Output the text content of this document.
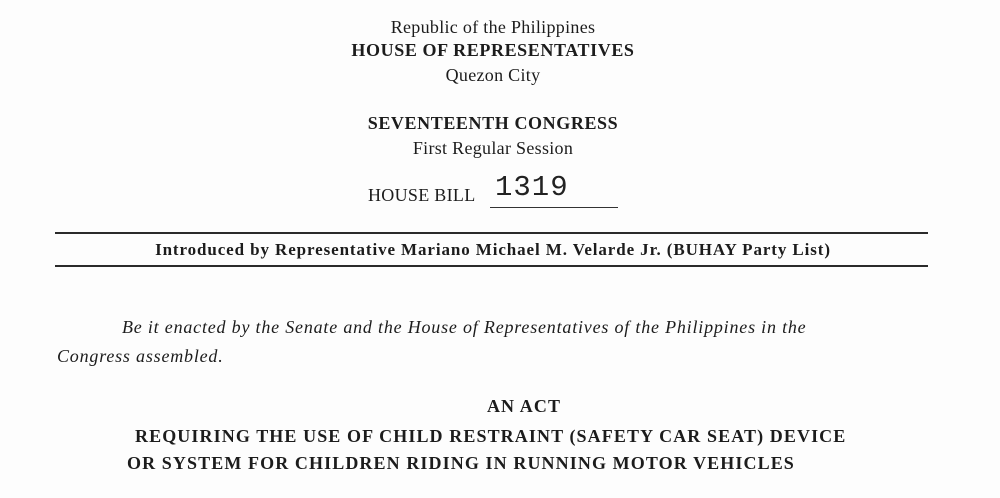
Republic of the Philippines
HOUSE OF REPRESENTATIVES
Quezon City
SEVENTEENTH CONGRESS
First Regular Session
HOUSE BILL 1319
Introduced by Representative Mariano Michael M. Velarde Jr. (BUHAY Party List)
Be it enacted by the Senate and the House of Representatives of the Philippines in the
Congress assembled.
AN ACT
REQUIRING THE USE OF CHILD RESTRAINT (SAFETY CAR SEAT) DEVICE
OR SYSTEM FOR CHILDREN RIDING IN RUNNING MOTOR VEHICLES
